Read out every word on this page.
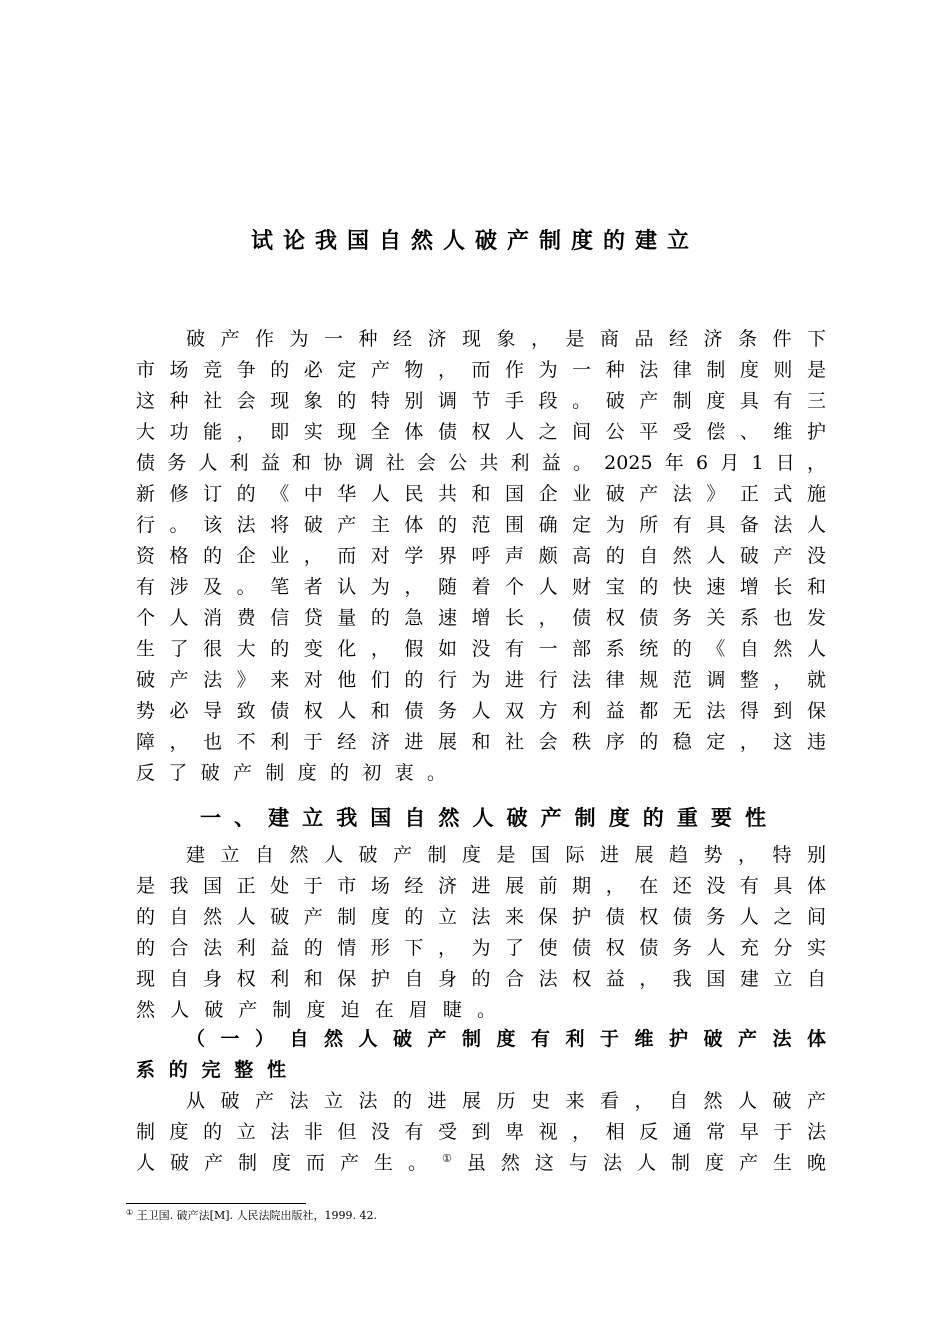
试论我国自然人破产制度的建立
破产作为一种经济现象，是商品经济条件下
市场竞争的必定产物，而作为一种法律制度则是
这种社会现象的特别调节手段。破产制度具有三
大功能，即实现全体债权人之间公平受偿、维护
债务人利益和协调社会公共利益。2025年6月1日，
新修订的《中华人民共和国企业破产法》正式施
行。该法将破产主体的范围确定为所有具备法人
资格的企业，而对学界呼声颇高的自然人破产没
有涉及。笔者认为，随着个人财宝的快速增长和
个人消费信贷量的急速增长，债权债务关系也发
生了很大的变化，假如没有一部系统的《自然人
破产法》来对他们的行为进行法律规范调整，就
势必导致债权人和债务人双方利益都无法得到保
障，也不利于经济进展和社会秩序的稳定，这违
反了破产制度的初衷。
一、建立我国自然人破产制度的重要性
建立自然人破产制度是国际进展趋势，特别
是我国正处于市场经济进展前期，在还没有具体
的自然人破产制度的立法来保护债权债务人之间
的合法利益的情形下，为了使债权债务人充分实
现自身权利和保护自身的合法权益，我国建立自
然人破产制度迫在眉睫。
（一）自然人破产制度有利于维护破产法体
系的完整性
从破产法立法的进展历史来看，自然人破产
制度的立法非但没有受到卑视，相反通常早于法
人破产制度而产生。①虽然这与法人制度产生晚
① 王卫国. 破产法[M]. 人民法院出版社，1999. 42.
